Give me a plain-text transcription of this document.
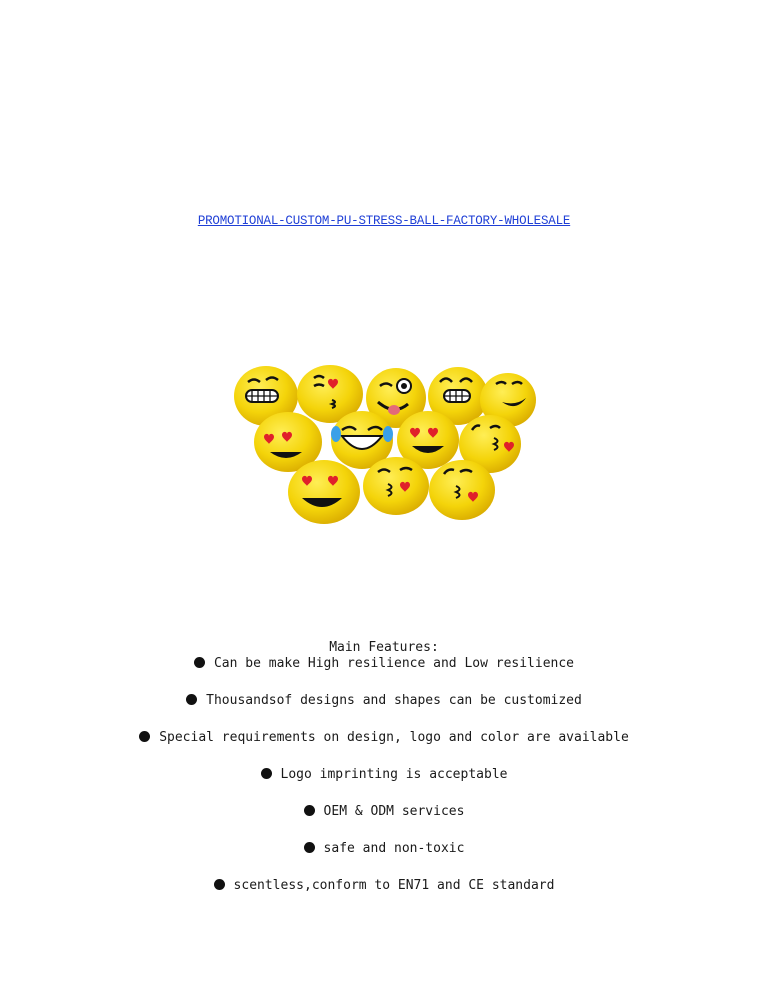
PROMOTIONAL-CUSTOM-PU-STRESS-BALL-FACTORY-WHOLESALE

Main Features:

Can be make High resilience and Low resilience
Thousandsof designs and shapes can be customized
Special requirements on design, logo and color are available
Logo imprinting is acceptable
OEM & ODM services
safe and non-toxic
scentless,conform to EN71 and CE standard
